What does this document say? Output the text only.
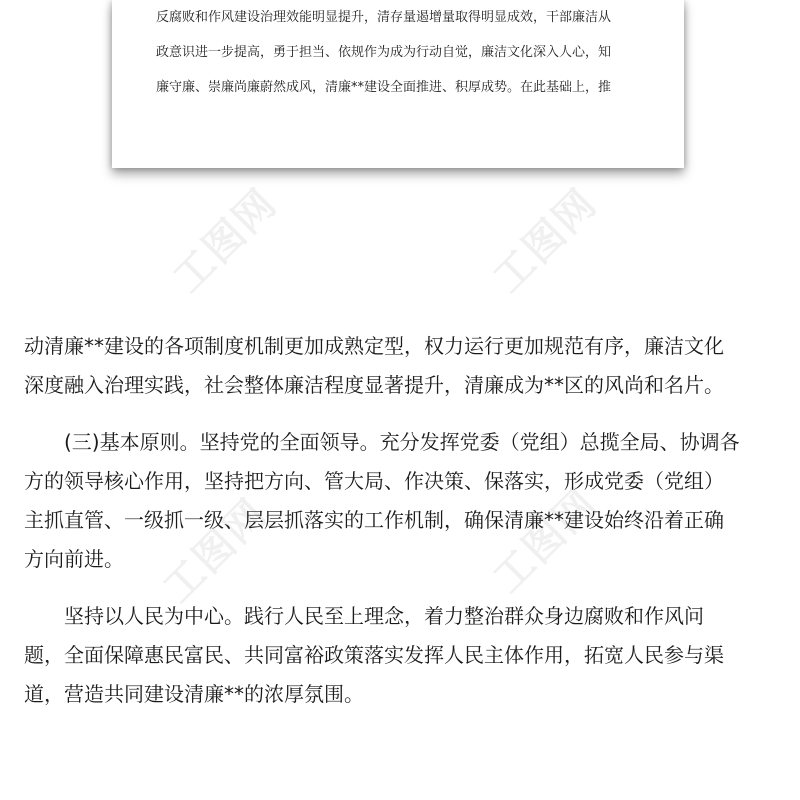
反腐败和作风建设治理效能明显提升，清存量遏增量取得明显成效，干部廉洁从
政意识进一步提高，勇于担当、依规作为成为行动自觉，廉洁文化深入人心，知
廉守廉、崇廉尚廉蔚然成风，清廉**建设全面推进、积厚成势。在此基础上，推
工图网	工图网
工图网	工图网
动清廉**建设的各项制度机制更加成熟定型，权力运行更加规范有序，廉洁文化
深度融入治理实践，社会整体廉洁程度显著提升，清廉成为**区的风尚和名片。
　　(三)基本原则。坚持党的全面领导。充分发挥党委（党组）总揽全局、协调各
方的领导核心作用，坚持把方向、管大局、作决策、保落实，形成党委（党组）
主抓直管、一级抓一级、层层抓落实的工作机制，确保清廉**建设始终沿着正确
方向前进。
　　坚持以人民为中心。践行人民至上理念，着力整治群众身边腐败和作风问
题，全面保障惠民富民、共同富裕政策落实发挥人民主体作用，拓宽人民参与渠
道，营造共同建设清廉**的浓厚氛围。
